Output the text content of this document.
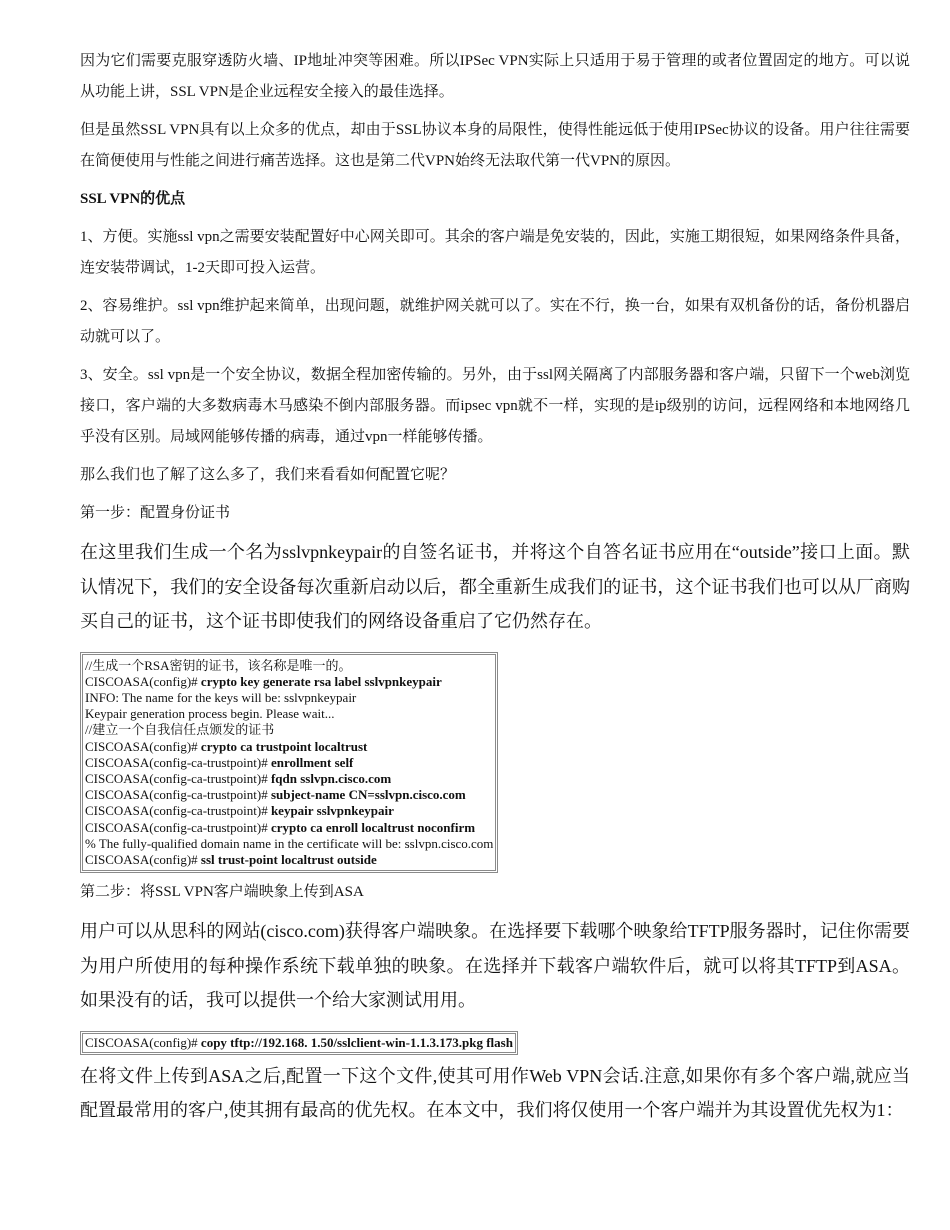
因为它们需要克服穿透防火墙、IP地址冲突等困难。所以IPSec VPN实际上只适用于易于管理的或者位置固定的地方。可以说从功能上讲，SSL VPN是企业远程安全接入的最佳选择。

但是虽然SSL VPN具有以上众多的优点，却由于SSL协议本身的局限性，使得性能远低于使用IPSec协议的设备。用户往往需要在简便使用与性能之间进行痛苦选择。这也是第二代VPN始终无法取代第一代VPN的原因。

SSL VPN的优点

1、方便。实施ssl vpn之需要安装配置好中心网关即可。其余的客户端是免安装的，因此，实施工期很短，如果网络条件具备，连安装带调试，1-2天即可投入运营。

2、容易维护。ssl vpn维护起来简单，出现问题，就维护网关就可以了。实在不行，换一台，如果有双机备份的话，备份机器启动就可以了。

3、安全。ssl vpn是一个安全协议，数据全程加密传输的。另外，由于ssl网关隔离了内部服务器和客户端，只留下一个web浏览接口，客户端的大多数病毒木马感染不倒内部服务器。而ipsec vpn就不一样，实现的是ip级别的访问，远程网络和本地网络几乎没有区别。局域网能够传播的病毒，通过vpn一样能够传播。

那么我们也了解了这么多了，我们来看看如何配置它呢？

第一步：配置身份证书

在这里我们生成一个名为sslvpnkeypair的自签名证书，并将这个自答名证书应用在“outside”接口上面。默认情况下，我们的安全设备每次重新启动以后，都全重新生成我们的证书，这个证书我们也可以从厂商购买自己的证书，这个证书即使我们的网络设备重启了它仍然存在。

//生成一个RSA密钥的证书，该名称是唯一的。
CISCOASA(config)# crypto key generate rsa label sslvpnkeypair
INFO: The name for the keys will be: sslvpnkeypair
Keypair generation process begin. Please wait...
//建立一个自我信任点颁发的证书
CISCOASA(config)# crypto ca trustpoint localtrust
CISCOASA(config-ca-trustpoint)# enrollment self
CISCOASA(config-ca-trustpoint)# fqdn sslvpn.cisco.com
CISCOASA(config-ca-trustpoint)# subject-name CN=sslvpn.cisco.com
CISCOASA(config-ca-trustpoint)# keypair sslvpnkeypair
CISCOASA(config-ca-trustpoint)# crypto ca enroll localtrust noconfirm
% The fully-qualified domain name in the certificate will be: sslvpn.cisco.com
CISCOASA(config)# ssl trust-point localtrust outside

第二步：将SSL VPN客户端映象上传到ASA

用户可以从思科的网站(cisco.com)获得客户端映象。在选择要下载哪个映象给TFTP服务器时，记住你需要为用户所使用的每种操作系统下载单独的映象。在选择并下载客户端软件后，就可以将其TFTP到ASA。如果没有的话，我可以提供一个给大家测试用用。

CISCOASA(config)# copy tftp://192.168. 1.50/sslclient-win-1.1.3.173.pkg flash

在将文件上传到ASA之后,配置一下这个文件,使其可用作Web VPN会话.注意,如果你有多个客户端,就应当配置最常用的客户,使其拥有最高的优先权。在本文中，我们将仅使用一个客户端并为其设置优先权为1：
